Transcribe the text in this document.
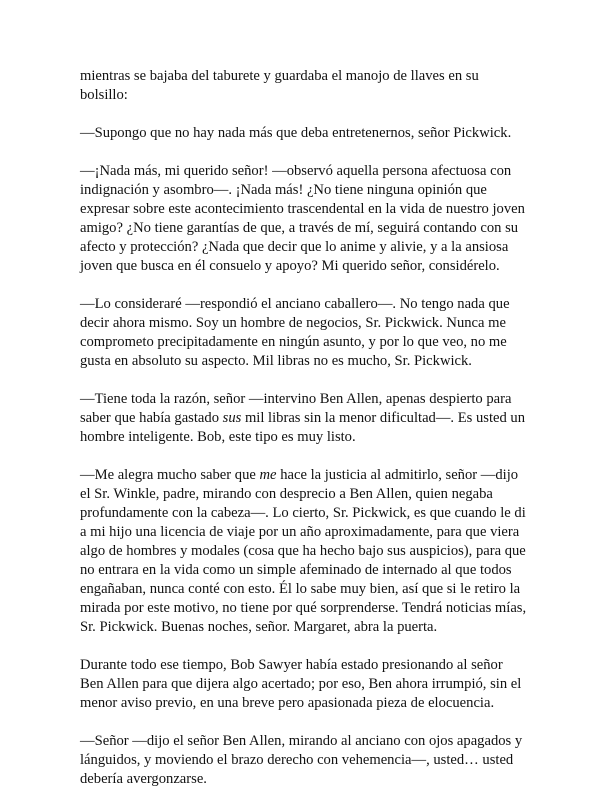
mientras se bajaba del taburete y guardaba el manojo de llaves en su bolsillo:

—Supongo que no hay nada más que deba entretenernos, señor Pickwick.

—¡Nada más, mi querido señor! —observó aquella persona afectuosa con indignación y asombro—. ¡Nada más! ¿No tiene ninguna opinión que expresar sobre este acontecimiento trascendental en la vida de nuestro joven amigo? ¿No tiene garantías de que, a través de mí, seguirá contando con su afecto y protección? ¿Nada que decir que lo anime y alivie, y a la ansiosa joven que busca en él consuelo y apoyo? Mi querido señor, considérelo.

—Lo consideraré —respondió el anciano caballero—. No tengo nada que decir ahora mismo. Soy un hombre de negocios, Sr. Pickwick. Nunca me comprometo precipitadamente en ningún asunto, y por lo que veo, no me gusta en absoluto su aspecto. Mil libras no es mucho, Sr. Pickwick.

—Tiene toda la razón, señor —intervino Ben Allen, apenas despierto para saber que había gastado sus mil libras sin la menor dificultad—. Es usted un hombre inteligente. Bob, este tipo es muy listo.

—Me alegra mucho saber que me hace la justicia al admitirlo, señor —dijo el Sr. Winkle, padre, mirando con desprecio a Ben Allen, quien negaba profundamente con la cabeza—. Lo cierto, Sr. Pickwick, es que cuando le di a mi hijo una licencia de viaje por un año aproximadamente, para que viera algo de hombres y modales (cosa que ha hecho bajo sus auspicios), para que no entrara en la vida como un simple afeminado de internado al que todos engañaban, nunca conté con esto. Él lo sabe muy bien, así que si le retiro la mirada por este motivo, no tiene por qué sorprenderse. Tendrá noticias mías, Sr. Pickwick. Buenas noches, señor. Margaret, abra la puerta.

Durante todo ese tiempo, Bob Sawyer había estado presionando al señor Ben Allen para que dijera algo acertado; por eso, Ben ahora irrumpió, sin el menor aviso previo, en una breve pero apasionada pieza de elocuencia.

—Señor —dijo el señor Ben Allen, mirando al anciano con ojos apagados y lánguidos, y moviendo el brazo derecho con vehemencia—, usted… usted debería avergonzarse.
